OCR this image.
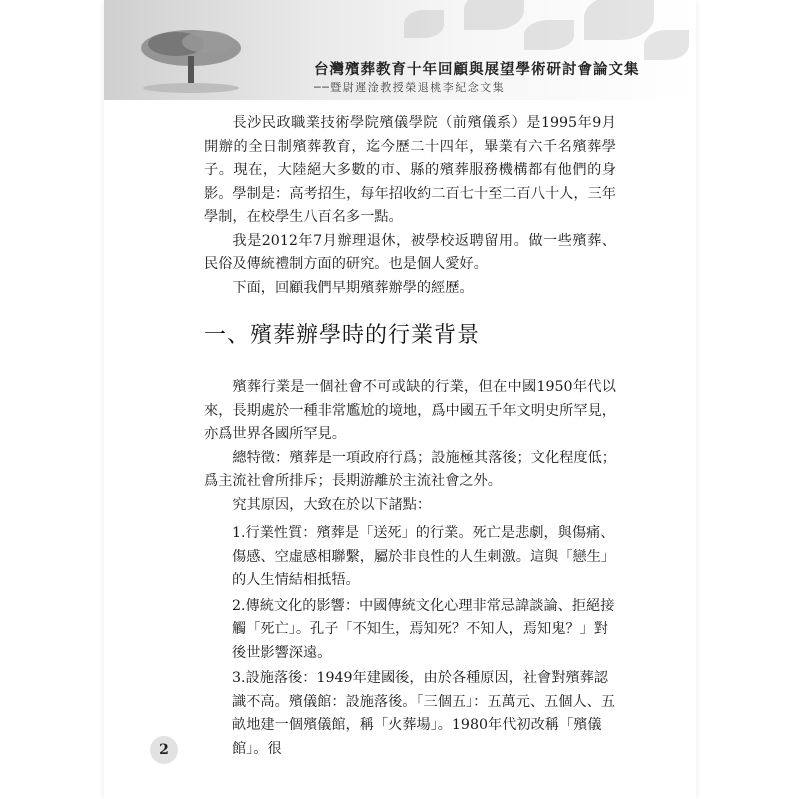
台灣殯葬教育十年回顧與展望學術研討會論文集
──暨尉遲淦教授榮退桃李紀念文集

長沙民政職業技術學院殯儀學院（前殯儀系）是1995年9月開辦的全日制殯葬教育，迄今歷二十四年，畢業有六千名殯葬學子。現在，大陸絕大多數的市、縣的殯葬服務機構都有他們的身影。學制是：高考招生，每年招收約二百七十至二百八十人，三年學制，在校學生八百名多一點。

我是2012年7月辦理退休，被學校返聘留用。做一些殯葬、民俗及傳統禮制方面的研究。也是個人愛好。

下面，回顧我們早期殯葬辦學的經歷。

一、殯葬辦學時的行業背景

殯葬行業是一個社會不可或缺的行業，但在中國1950年代以來，長期處於一種非常尷尬的境地，爲中國五千年文明史所罕見，亦爲世界各國所罕見。

總特徵：殯葬是一項政府行爲；設施極其落後；文化程度低；爲主流社會所排斥；長期游離於主流社會之外。

究其原因，大致在於以下諸點：

1.行業性質：殯葬是「送死」的行業。死亡是悲劇，與傷痛、傷感、空虛感相聯繫，屬於非良性的人生刺激。這與「戀生」的人生情結相抵牾。

2.傳統文化的影響：中國傳統文化心理非常忌諱談論、拒絕接觸「死亡」。孔子「不知生，焉知死？不知人，焉知鬼？」對後世影響深遠。

3.設施落後：1949年建國後，由於各種原因，社會對殯葬認識不高。殯儀館：設施落後。「三個五」：五萬元、五個人、五畝地建一個殯儀館，稱「火葬場」。1980年代初改稱「殯儀館」。很

2
